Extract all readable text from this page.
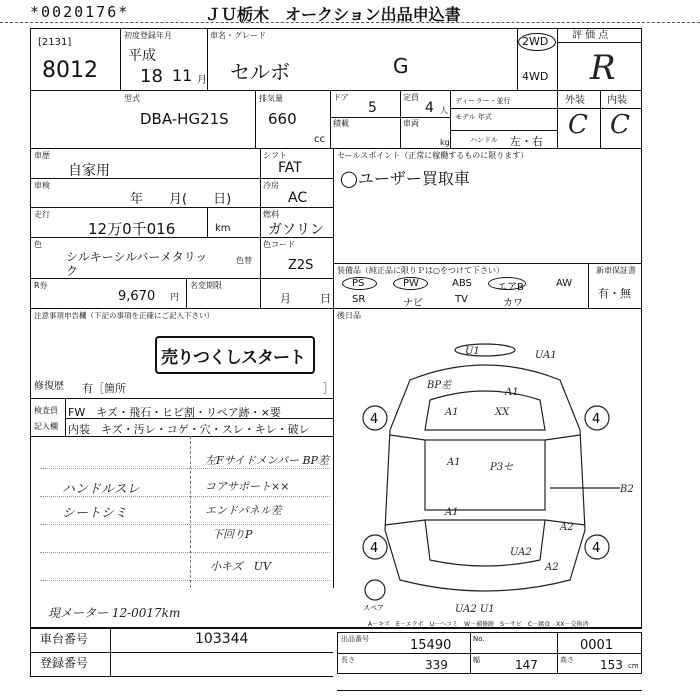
*0020176*	ＪＵ栃木　オークション出品申込書
[2131]
8012
初度登録年月
平成
18 11 月
車名・グレード
セルボ	G
2WD
4WD
評 価 点
R
型式
DBA-HG21S
排気量
660
cc
ドア
5
定員
4 人
積載	車両
kg
ディーラー・並行
モデル 年式
ハンドル 左・右
外装 内装
C C
車歴
自家用
車検
年　　月(　　日)
シフト
FAT
冷房
AC
走行
12万0千016	km
燃料
ガソリン
色
シルキーシルバーメタリッ
ク
色替
色コード
Z2S
R券
9,670 円
名変期限
月	日
セールスポイント（正常に稼働するものに限ります）
◯ユーザー買取車
装備品（純正品に限りＰは○をつけて下さい）	新車保証書
PS	PW	ABS	エアB	AW
SR	ナビ	TV	カワ
有・無
注意事項申告欄（下記の事項を正確にご記入下さい）	後日品
売りつくしスタート
修復歴 有［箇所	］
検査員
記入欄
FW　キズ・飛石・ヒビ割・リペア跡・×要
内装　キズ・汚レ・コゲ・穴・スレ・キレ・破レ
ハンドルスレ
シートシミ
左Fサイドメンバー BP差
コアサポート××
エンドパネル差
下回りP
小キズ　UV
現メーター 12-0017km
4	4
4	4
スペア
U1
A1
XX
A1
A1	P3セ
A1
A2
A2
UA2
UA1
UA2 U1
BP差
B2
A－キズ　E－エクボ　U－ヘコミ　W－補修跡　S－サビ　C－腐食　XX－交換済
車台番号	103344
登録番号
出品番号	15490	No.	0001
長さ	339	幅	147	高さ 153 cm
